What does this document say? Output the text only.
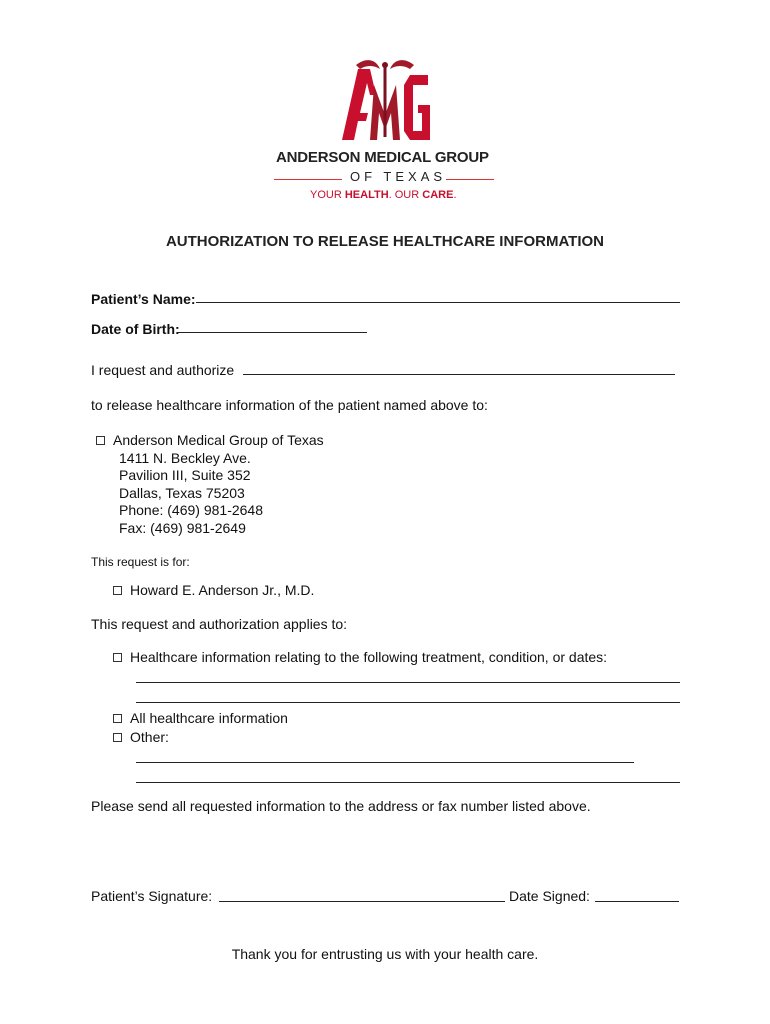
ANDERSON MEDICAL GROUP
OF TEXAS
YOUR HEALTH. OUR CARE.
AUTHORIZATION TO RELEASE HEALTHCARE INFORMATION
Patient’s Name:
Date of Birth:
I request and authorize
to release healthcare information of the patient named above to:
Anderson Medical Group of Texas
1411 N. Beckley Ave.
Pavilion III, Suite 352
Dallas, Texas 75203
Phone: (469) 981-2648
Fax: (469) 981-2649
This request is for:
Howard E. Anderson Jr., M.D.
This request and authorization applies to:
Healthcare information relating to the following treatment, condition, or dates:
All healthcare information
Other:
Please send all requested information to the address or fax number listed above.
Patient’s Signature:	Date Signed:
Thank you for entrusting us with your health care.
